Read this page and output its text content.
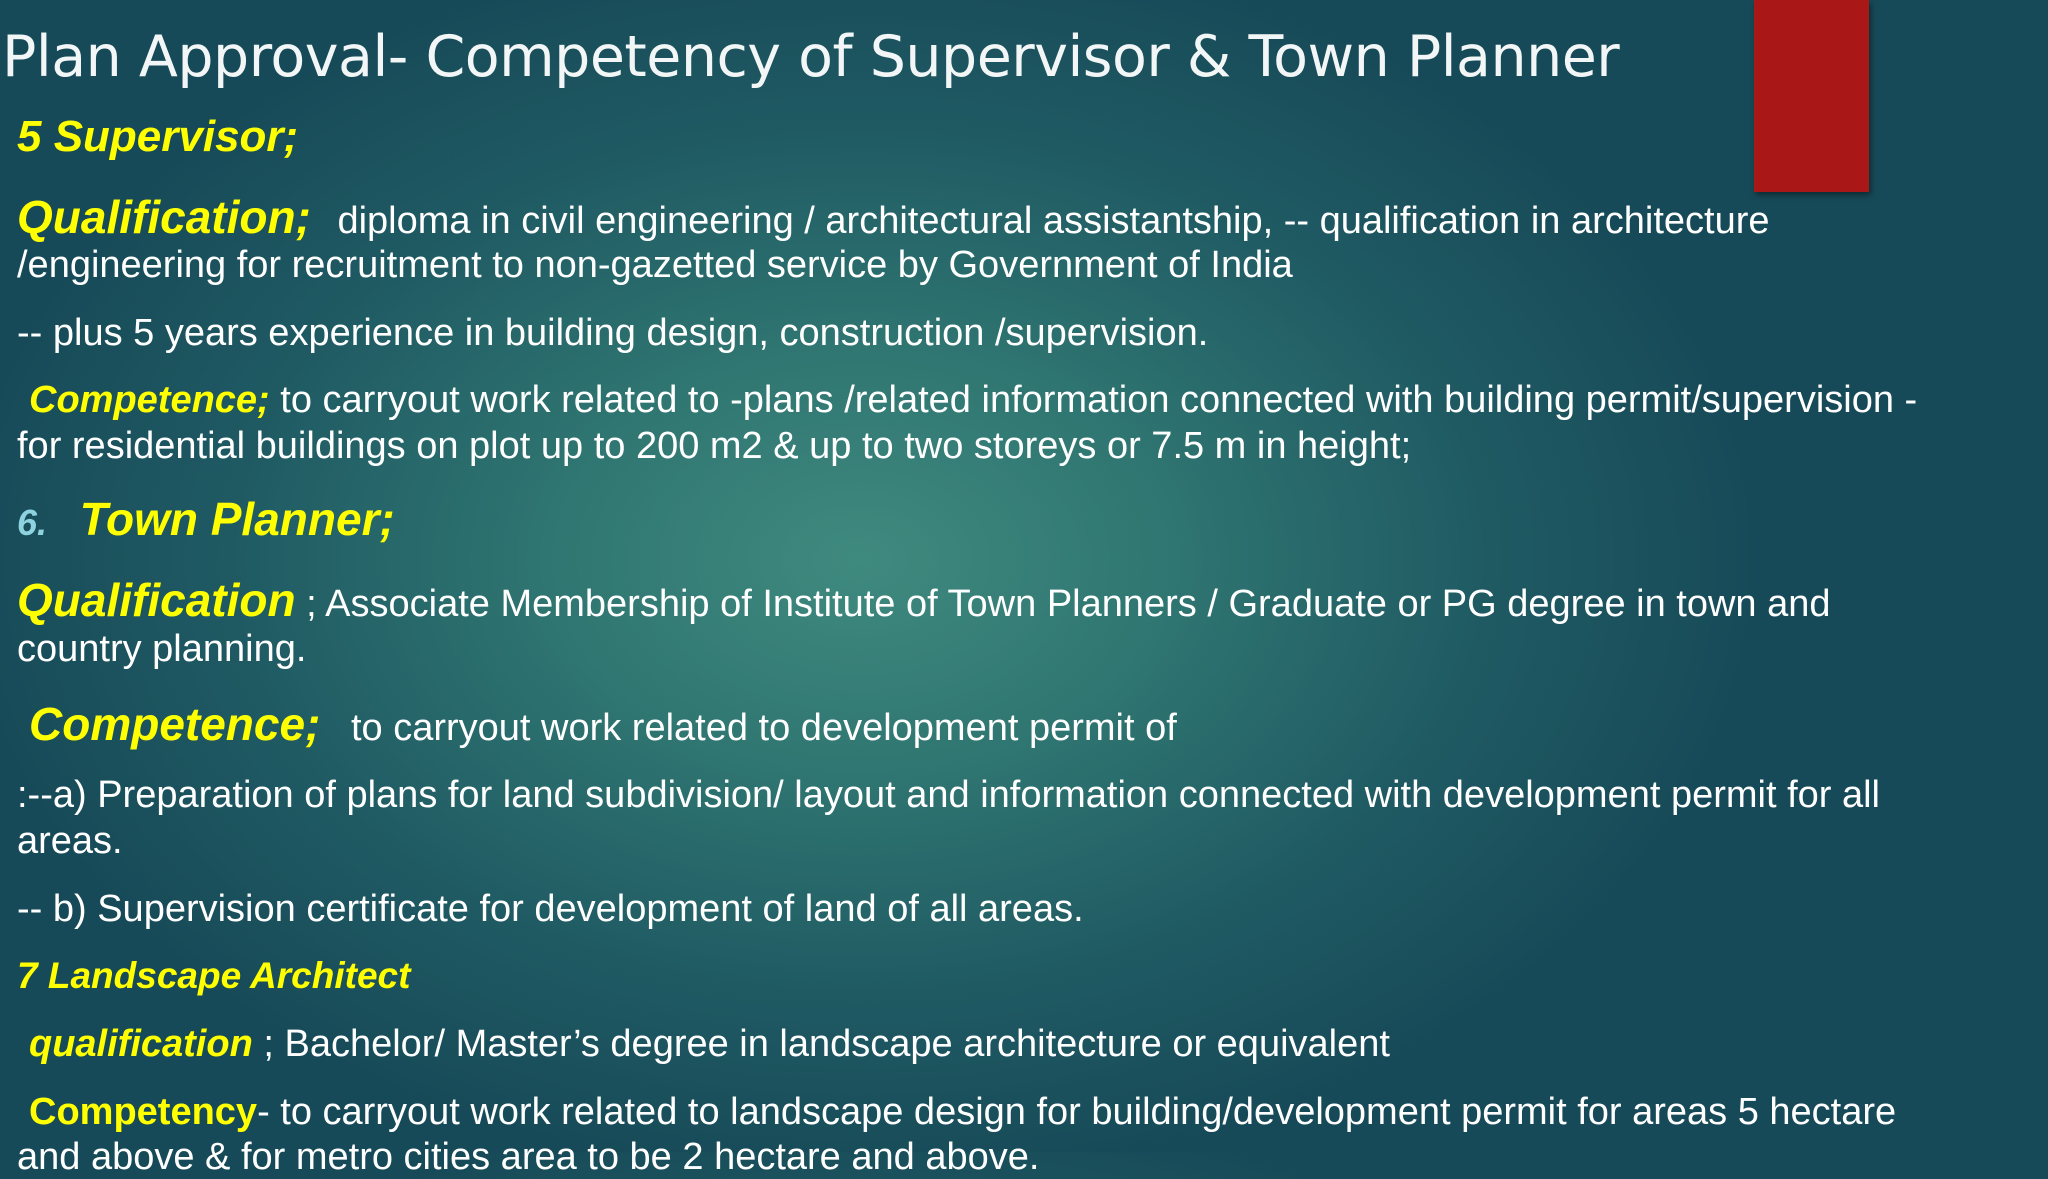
Plan Approval- Competency of Supervisor & Town Planner
5 Supervisor;
Qualification; diploma in civil engineering / architectural assistantship, -- qualification in architecture
/engineering for recruitment to non-gazetted service by Government of India
-- plus 5 years experience in building design, construction /supervision.
Competence; to carryout work related to -plans /related information connected with building permit/supervision -
for residential buildings on plot up to 200 m2 & up to two storeys or 7.5 m in height;
6. Town Planner;
Qualification ; Associate Membership of Institute of Town Planners / Graduate or PG degree in town and
country planning.
Competence; to carryout work related to development permit of
:--a) Preparation of plans for land subdivision/ layout and information connected with development permit for all
areas.
-- b) Supervision certificate for development of land of all areas.
7 Landscape Architect
qualification ; Bachelor/ Master’s degree in landscape architecture or equivalent
Competency- to carryout work related to landscape design for building/development permit for areas 5 hectare
and above & for metro cities area to be 2 hectare and above.
